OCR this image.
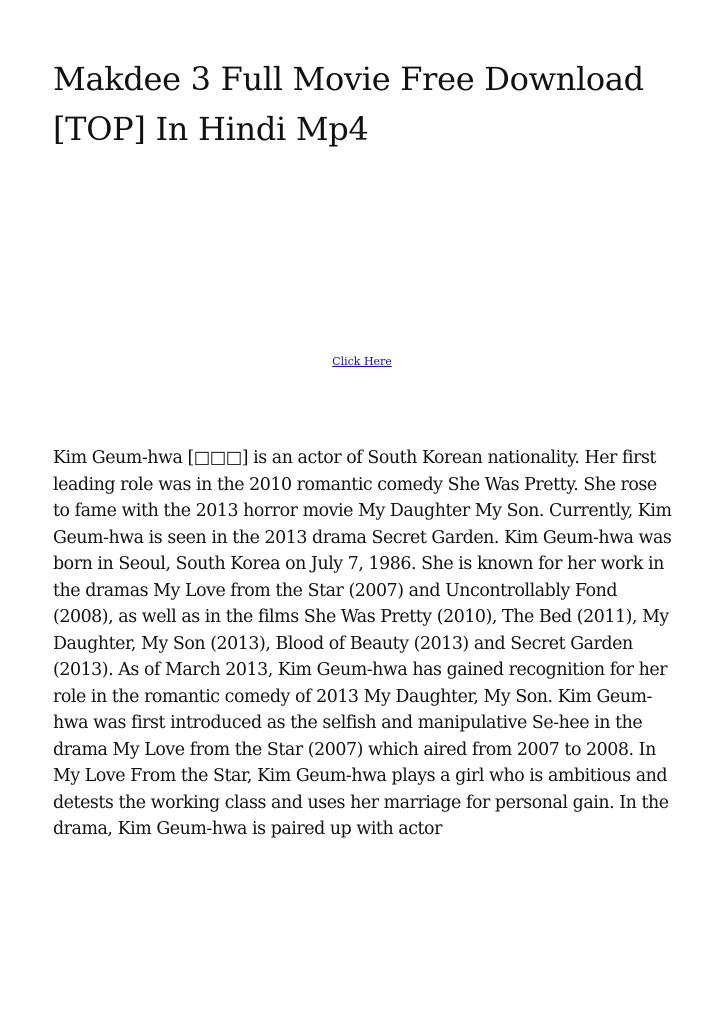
Makdee 3 Full Movie Free Download [TOP] In Hindi Mp4
Click Here

Kim Geum-hwa [□□□] is an actor of South Korean nationality. Her first leading role was in the 2010 romantic comedy She Was Pretty. She rose to fame with the 2013 horror movie My Daughter My Son. Currently, Kim Geum-hwa is seen in the 2013 drama Secret Garden. Kim Geum-hwa was born in Seoul, South Korea on July 7, 1986. She is known for her work in the dramas My Love from the Star (2007) and Uncontrollably Fond (2008), as well as in the films She Was Pretty (2010), The Bed (2011), My Daughter, My Son (2013), Blood of Beauty (2013) and Secret Garden (2013). As of March 2013, Kim Geum-hwa has gained recognition for her role in the romantic comedy of 2013 My Daughter, My Son. Kim Geum-hwa was first introduced as the selfish and manipulative Se-hee in the drama My Love from the Star (2007) which aired from 2007 to 2008. In My Love From the Star, Kim Geum-hwa plays a girl who is ambitious and detests the working class and uses her marriage for personal gain. In the drama, Kim Geum-hwa is paired up with actor
